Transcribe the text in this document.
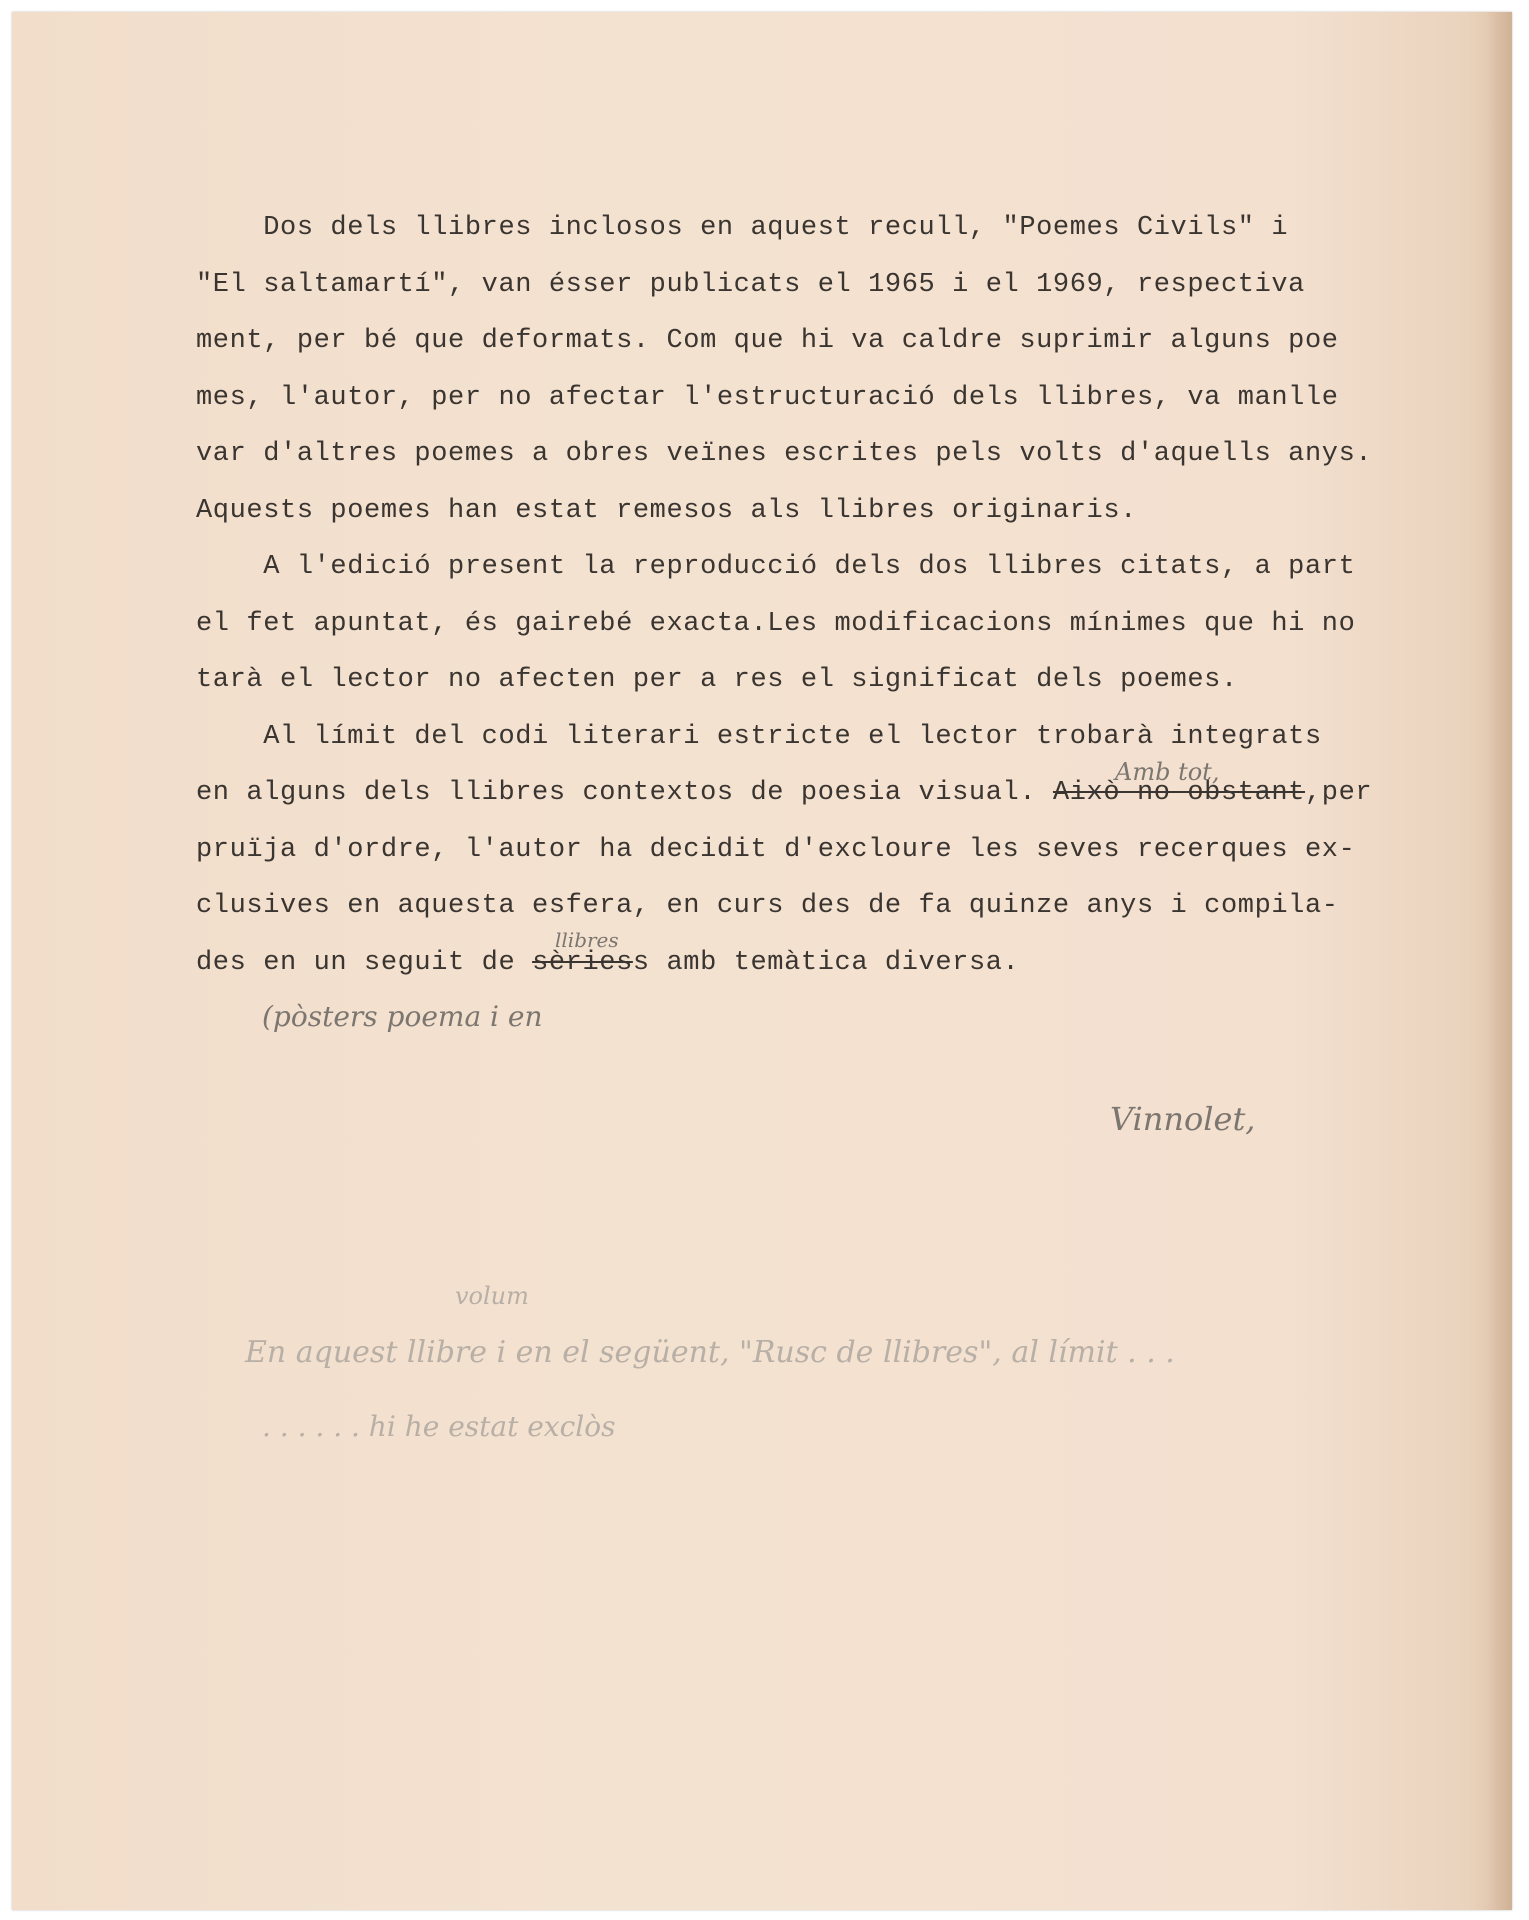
Dos dels llibres inclosos en aquest recull, "Poemes Civils" i

"El saltamartí", van ésser publicats el 1965 i el 1969, respectiva

ment, per bé que deformats. Com que hi va caldre suprimir alguns poe

mes, l'autor, per no afectar l'estructuració dels llibres, va manlle

var d'altres poemes a obres veïnes escrites pels volts d'aquells anys.

Aquests poemes han estat remesos als llibres originaris.

A l'edició present la reproducció dels dos llibres citats, a part

el fet apuntat, és gairebé exacta.Les modificacions mínimes que hi no

tarà el lector no afecten per a res el significat dels poemes.

Al límit del codi literari estricte el lector trobarà integrats

en alguns dels llibres contextos de poesia visual. Això no obstant,per

pruïja d'ordre, l'autor ha decidit d'excloure les seves recerques ex-

clusives en aquesta esfera, en curs des de fa quinze anys i compila-

des en un seguit de sèriess amb temàtica diversa.

Amb tot,
llibres
(pòsters poema i en
Vinnolet,
volum
En aquest llibre i en el següent, "Rusc de llibres", al límit . . .
. . . . . . hi he estat exclòs
